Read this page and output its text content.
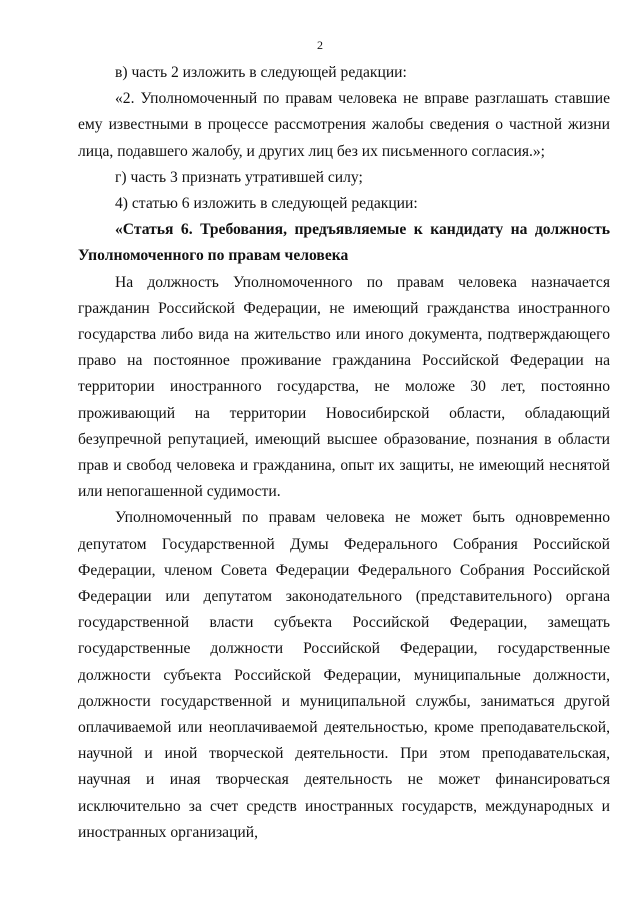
2

в) часть 2 изложить в следующей редакции:

«2. Уполномоченный по правам человека не вправе разглашать ставшие ему известными в процессе рассмотрения жалобы сведения о частной жизни лица, подавшего жалобу, и других лиц без их письменного согласия.»;

г) часть 3 признать утратившей силу;

4) статью 6 изложить в следующей редакции:

«Статья 6. Требования, предъявляемые к кандидату на должность Уполномоченного по правам человека

На должность Уполномоченного по правам человека назначается гражданин Российской Федерации, не имеющий гражданства иностранного государства либо вида на жительство или иного документа, подтверждающего право на постоянное проживание гражданина Российской Федерации на территории иностранного государства, не моложе 30 лет, постоянно проживающий на территории Новосибирской области, обладающий безупречной репутацией, имеющий высшее образование, познания в области прав и свобод человека и гражданина, опыт их защиты, не имеющий неснятой или непогашенной судимости.

Уполномоченный по правам человека не может быть одновременно депутатом Государственной Думы Федерального Собрания Российской Федерации, членом Совета Федерации Федерального Собрания Российской Федерации или депутатом законодательного (представительного) органа государственной власти субъекта Российской Федерации, замещать государственные должности Российской Федерации, государственные должности субъекта Российской Федерации, муниципальные должности, должности государственной и муниципальной службы, заниматься другой оплачиваемой или неоплачиваемой деятельностью, кроме преподавательской, научной и иной творческой деятельности. При этом преподавательская, научная и иная творческая деятельность не может финансироваться исключительно за счет средств иностранных государств, международных и иностранных организаций,
